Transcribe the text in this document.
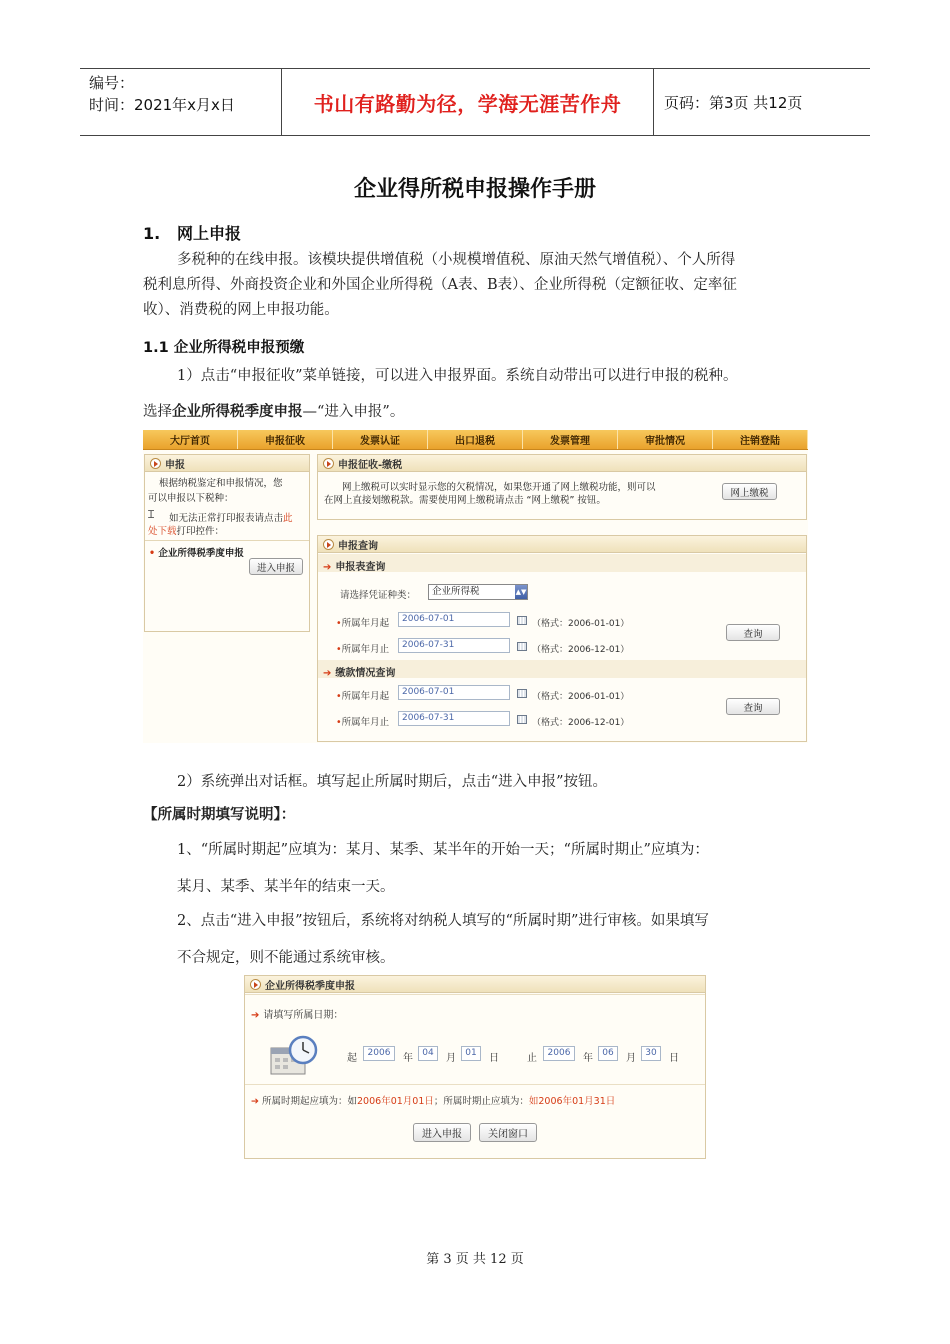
编号：
时间：2021年x月x日	书山有路勤为径，学海无涯苦作舟	页码：第3页 共12页
企业得所税申报操作手册
1. 网上申报
多税种的在线申报。该模块提供增值税（小规模增值税、原油天然气增值税）、个人所得
税利息所得、外商投资企业和外国企业所得税（A表、B表）、企业所得税（定额征收、定率征
收）、消费税的网上申报功能。
1.1 企业所得税申报预缴
1）点击“申报征收”菜单链接，可以进入申报界面。系统自动带出可以进行申报的税种。
选择企业所得税季度申报—“进入申报”。
大厅首页	申报征收	发票认证	出口退税	发票管理	审批情况	注销登陆
申报
根据纳税鉴定和申报情况，您
可以申报以下税种：
Ɪ 如无法正常打印报表请点击此
处下载打印控件：
• 企业所得税季度申报
进入申报
申报征收-缴税
网上缴税可以实时显示您的欠税情况，如果您开通了网上缴税功能，则可以
在网上直接划缴税款。需要使用网上缴税请点击 “网上缴税” 按钮。
网上缴税
申报查询
➔ 申报表查询
请选择凭证种类：	企业所得税	▲▼
•所属年月起	2006-07-01	（格式：2006-01-01）
•所属年月止	2006-07-31	（格式：2006-12-01）
查询
➔ 缴款情况查询
•所属年月起	2006-07-01	（格式：2006-01-01）
•所属年月止	2006-07-31	（格式：2006-12-01）
查询
2）系统弹出对话框。填写起止所属时期后，点击“进入申报”按钮。
【所属时期填写说明】：
1、“所属时期起”应填为：某月、某季、某半年的开始一天；“所属时期止”应填为：
某月、某季、某半年的结束一天。
2、点击“进入申报”按钮后，系统将对纳税人填写的“所属时期”进行审核。如果填写
不合规定，则不能通过系统审核。
企业所得税季度申报
➔ 请填写所属日期：
起	2006	年	04	月	01	日	止	2006	年	06	月	30	日
➔ 所属时期起应填为：如2006年01月01日；所属时期止应填为：如2006年01月31日
进入申报	关闭窗口
第 3 页 共 12 页
